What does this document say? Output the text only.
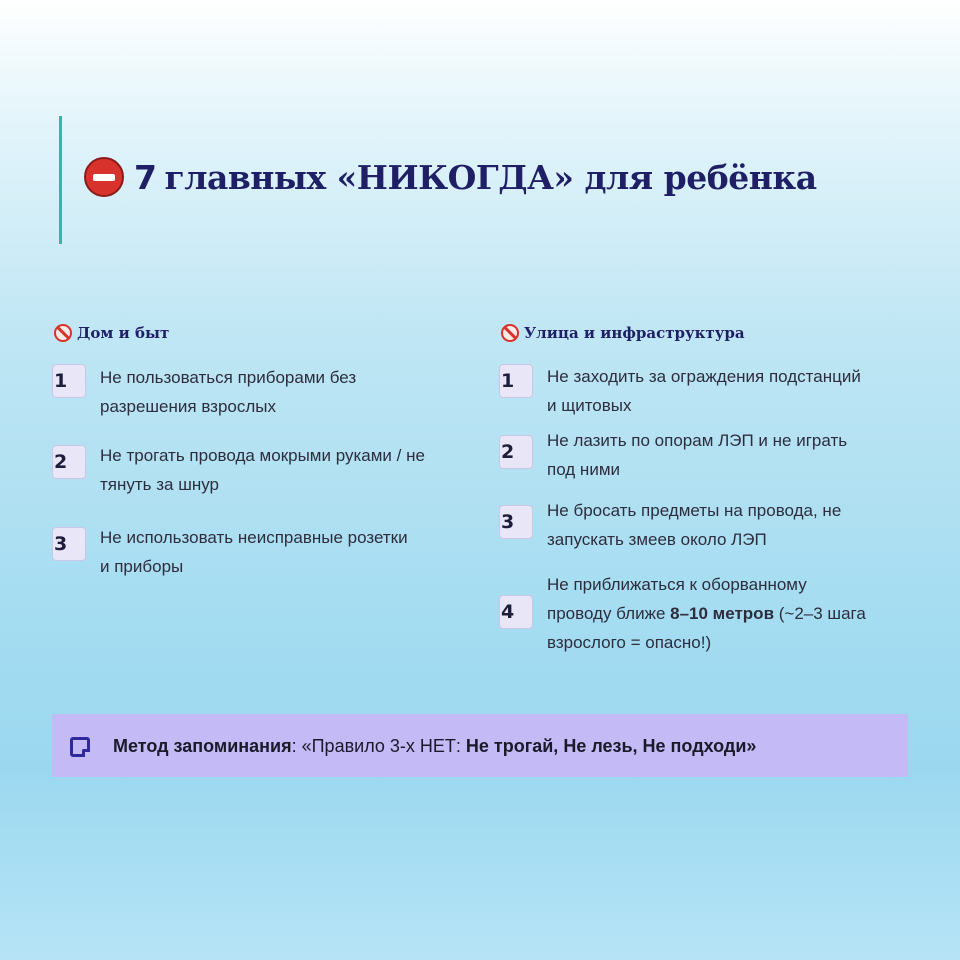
7 главных «НИКОГДА» для ребёнка
Дом и быт
1 Не пользоваться приборами без
разрешения взрослых
2 Не трогать провода мокрыми руками / не
тянуть за шнур
3 Не использовать неисправные розетки
и приборы
Улица и инфраструктура
1 Не заходить за ограждения подстанций
и щитовых
2
Не лазить по опорам ЛЭП и не играть
под ними
3
Не бросать предметы на провода, не
запускать змеев около ЛЭП
4
Не приближаться к оборванному
проводу ближе 8–10 метров (~2–3 шага
взрослого = опасно!)
Метод запоминания: «Правило 3-х НЕТ: Не трогай, Не лезь, Не подходи»
